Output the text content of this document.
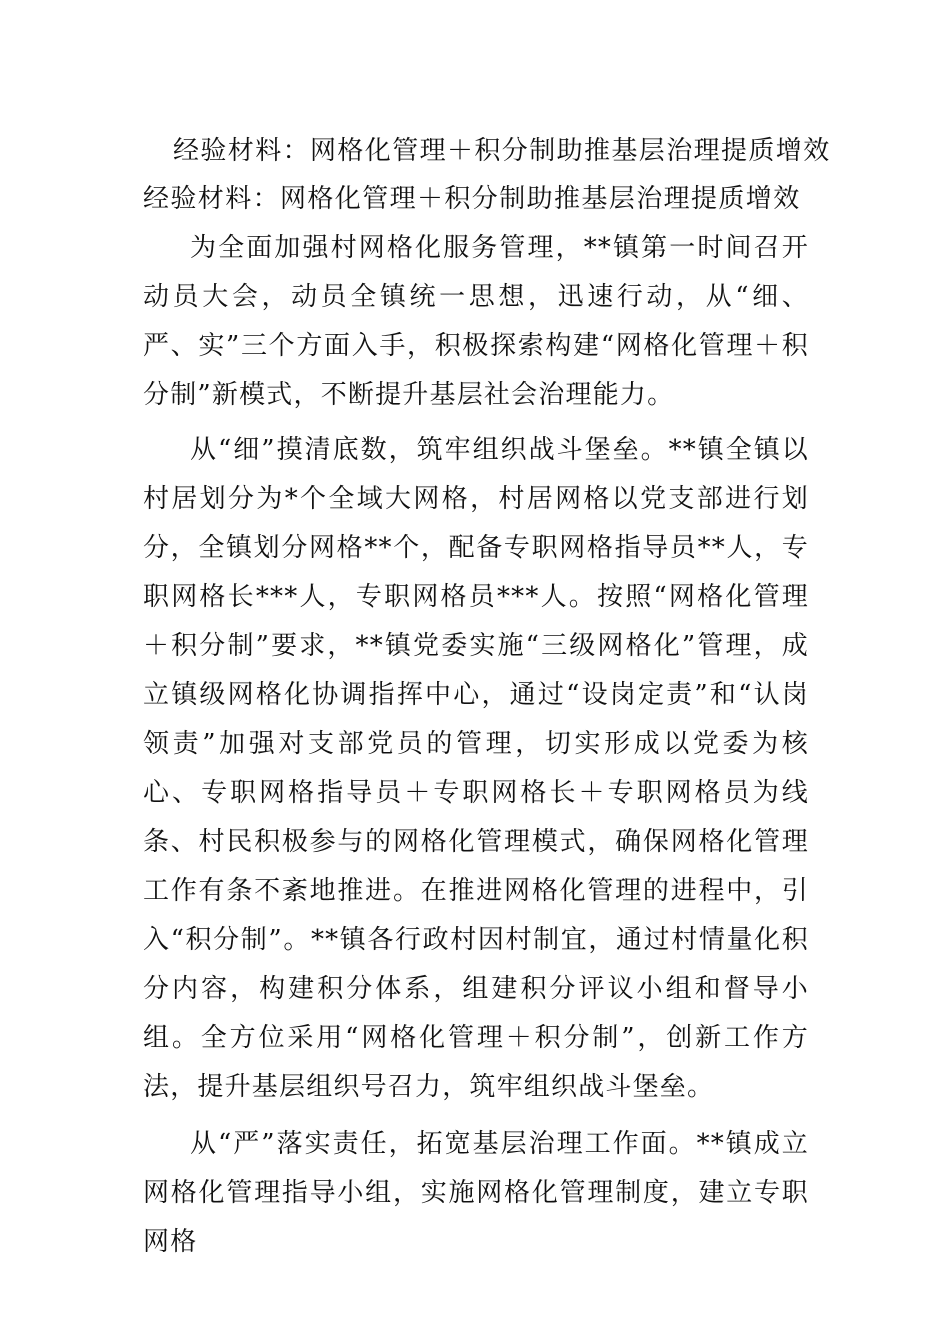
经验材料：网格化管理＋积分制助推基层治理提质增效
经验材料：网格化管理＋积分制助推基层治理提质增效

为全面加强村网格化服务管理，**镇第一时间召开动员大会，动员全镇统一思想，迅速行动，从“细、严、实”三个方面入手，积极探索构建“网格化管理＋积分制”新模式，不断提升基层社会治理能力。

从“细”摸清底数，筑牢组织战斗堡垒。**镇全镇以村居划分为*个全域大网格，村居网格以党支部进行划分，全镇划分网格**个，配备专职网格指导员**人，专职网格长***人，专职网格员***人。按照“网格化管理＋积分制”要求，**镇党委实施“三级网格化”管理，成立镇级网格化协调指挥中心，通过“设岗定责”和“认岗领责”加强对支部党员的管理，切实形成以党委为核心、专职网格指导员＋专职网格长＋专职网格员为线条、村民积极参与的网格化管理模式，确保网格化管理工作有条不紊地推进。在推进网格化管理的进程中，引入“积分制”。**镇各行政村因村制宜，通过村情量化积分内容，构建积分体系，组建积分评议小组和督导小组。全方位采用“网格化管理＋积分制”，创新工作方法，提升基层组织号召力，筑牢组织战斗堡垒。

从“严”落实责任，拓宽基层治理工作面。**镇成立网格化管理指导小组，实施网格化管理制度，建立专职网格
